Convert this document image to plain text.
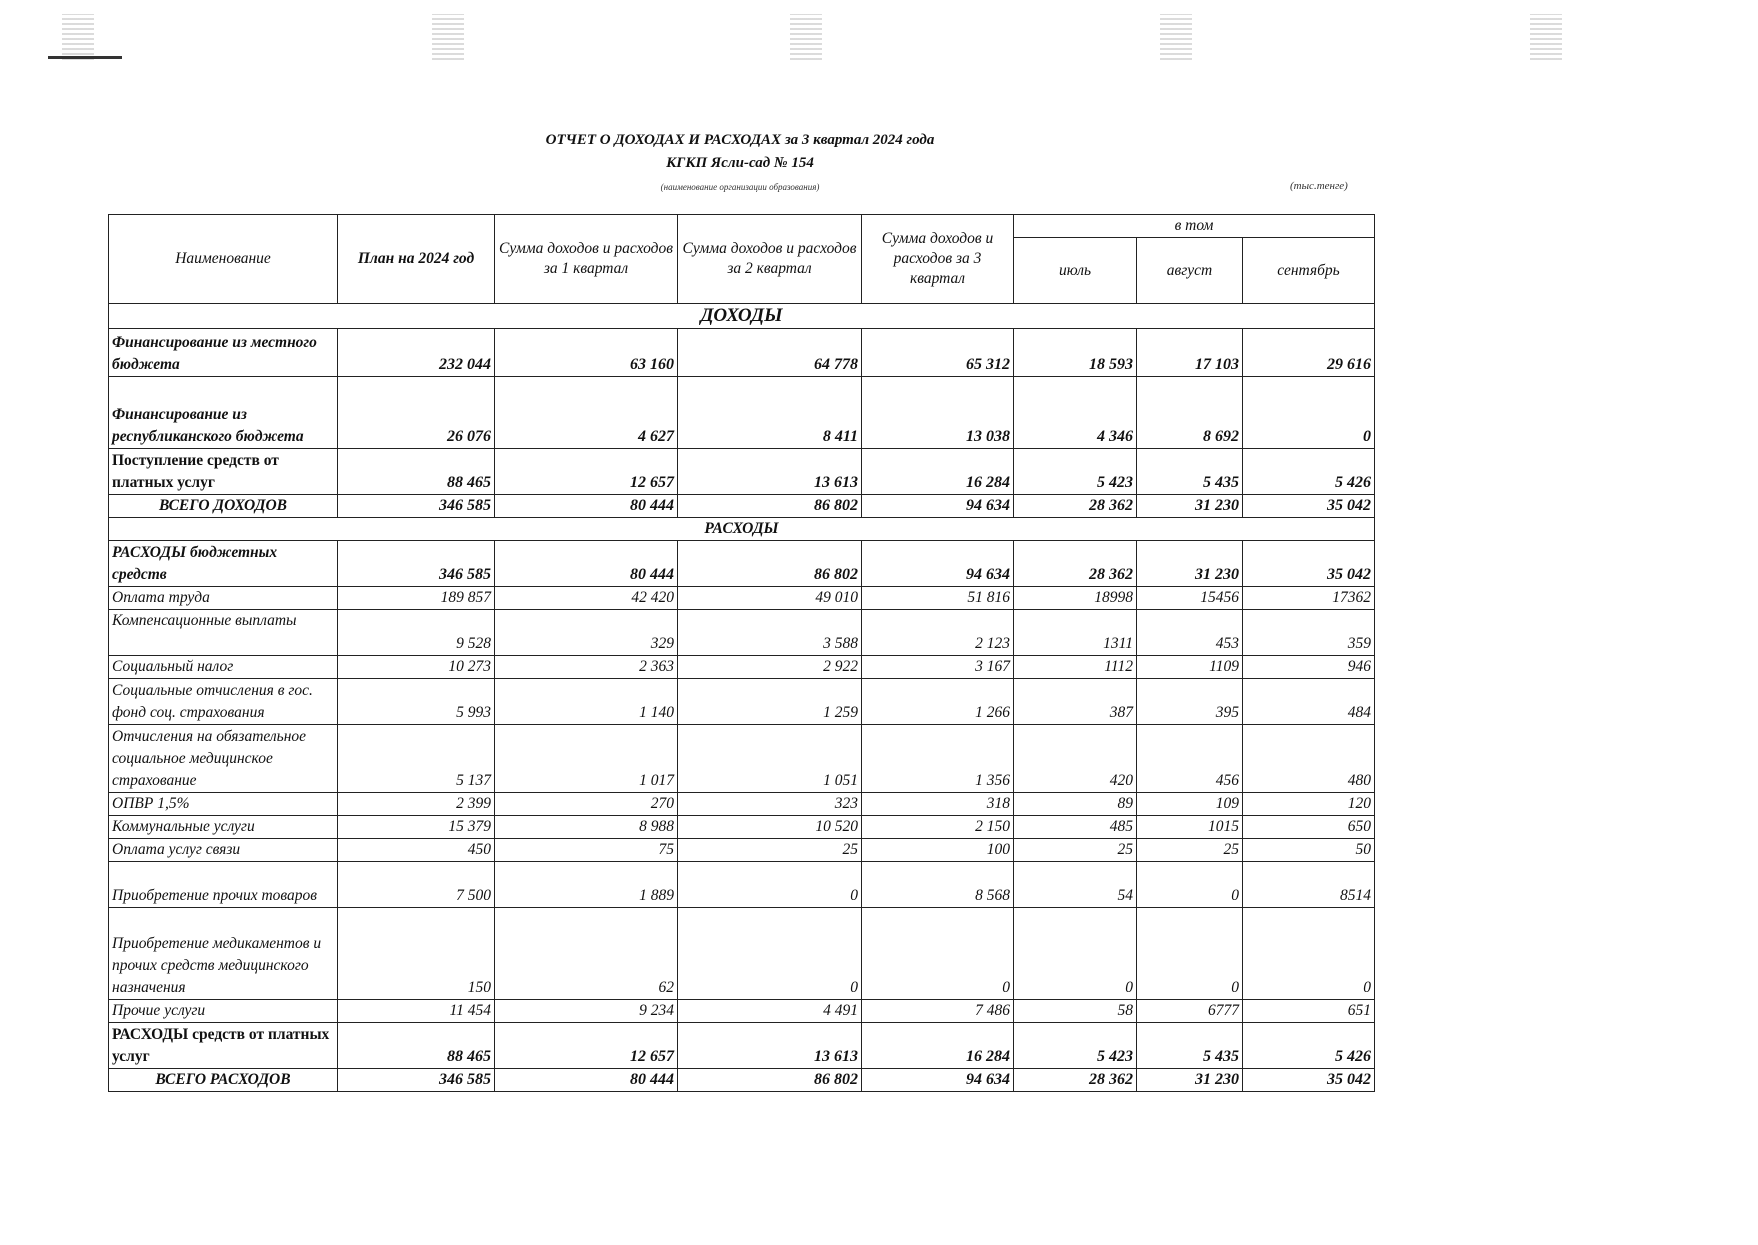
ОТЧЕТ О ДОХОДАХ И РАСХОДАХ за 3 квартал 2024 года
КГКП Ясли-сад № 154
(наименование организации образования)	(тыс.тенге)
Наименование	План на 2024 год	Сумма доходов и расходов за 1 квартал	Сумма доходов и расходов за 2 квартал	Сумма доходов и расходов за 3 квартал	в том		
					июль	август	сентябрь
ДОХОДЫ							
Финансирование из местного бюджета	232 044	63 160	64 778	65 312	18 593	17 103	29 616
Финансирование из республиканского бюджета	26 076	4 627	8 411	13 038	4 346	8 692	0
Поступление средств от платных услуг	88 465	12 657	13 613	16 284	5 423	5 435	5 426
ВСЕГО ДОХОДОВ	346 585	80 444	86 802	94 634	28 362	31 230	35 042
РАСХОДЫ							
РАСХОДЫ бюджетных средств	346 585	80 444	86 802	94 634	28 362	31 230	35 042
Оплата труда	189 857	42 420	49 010	51 816	18998	15456	17362
Компенсационные выплаты	9 528	329	3 588	2 123	1311	453	359
Социальный налог	10 273	2 363	2 922	3 167	1112	1109	946
Социальные отчисления в гос. фонд соц. страхования	5 993	1 140	1 259	1 266	387	395	484
Отчисления на обязательное социальное медицинское страхование	5 137	1 017	1 051	1 356	420	456	480
ОПВР 1,5%	2 399	270	323	318	89	109	120
Коммунальные услуги	15 379	8 988	10 520	2 150	485	1015	650
Оплата услуг связи	450	75	25	100	25	25	50
Приобретение прочих товаров	7 500	1 889	0	8 568	54	0	8514
Приобретение медикаментов и прочих средств медицинского назначения	150	62	0	0	0	0	0
Прочие услуги	11 454	9 234	4 491	7 486	58	6777	651
РАСХОДЫ средств от платных услуг	88 465	12 657	13 613	16 284	5 423	5 435	5 426
ВСЕГО РАСХОДОВ	346 585	80 444	86 802	94 634	28 362	31 230	35 042
